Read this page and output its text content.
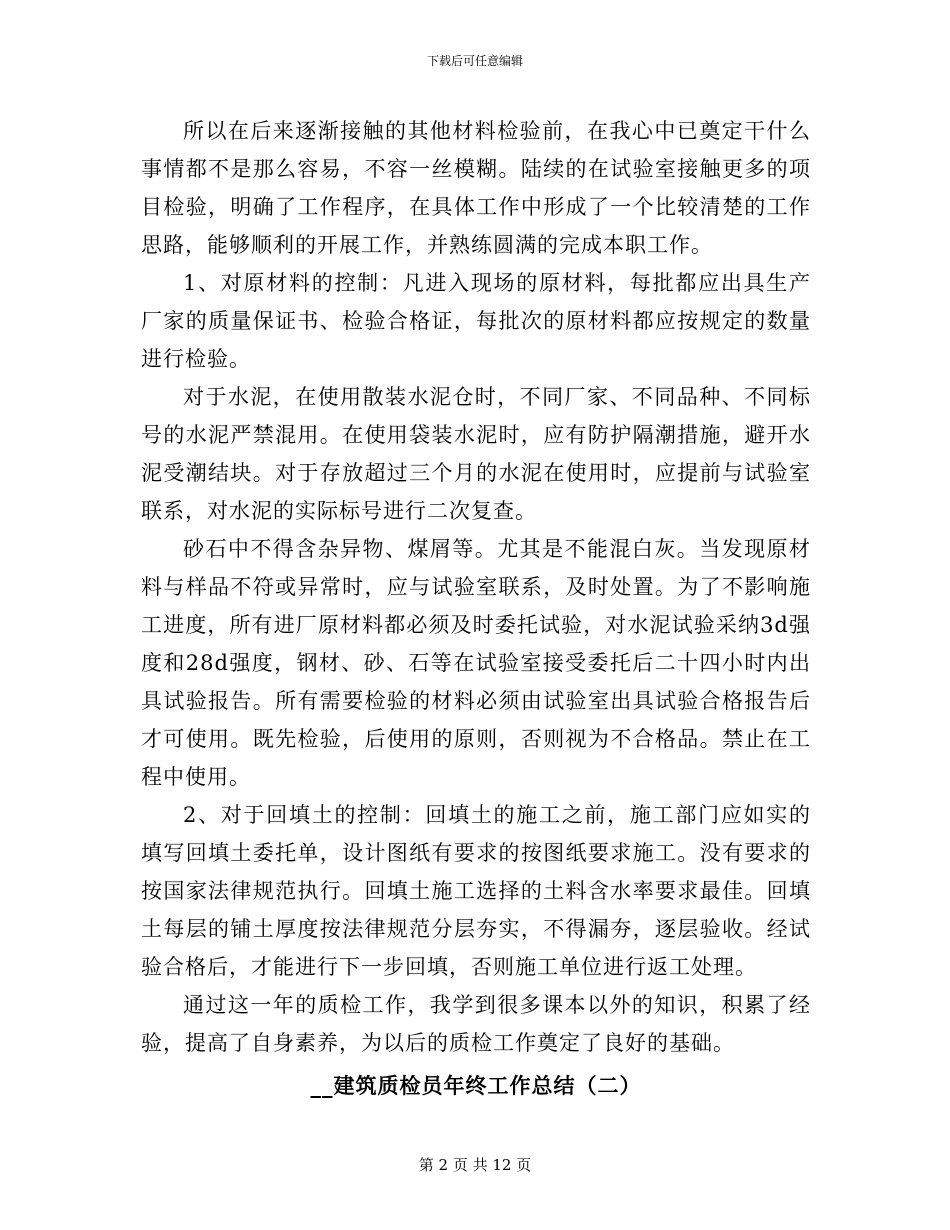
下载后可任意编辑

所以在后来逐渐接触的其他材料检验前，在我心中已奠定干什么事情都不是那么容易，不容一丝模糊。陆续的在试验室接触更多的项目检验，明确了工作程序，在具体工作中形成了一个比较清楚的工作思路，能够顺利的开展工作，并熟练圆满的完成本职工作。

1、对原材料的控制：凡进入现场的原材料，每批都应出具生产厂家的质量保证书、检验合格证，每批次的原材料都应按规定的数量进行检验。

对于水泥，在使用散装水泥仓时，不同厂家、不同品种、不同标号的水泥严禁混用。在使用袋装水泥时，应有防护隔潮措施，避开水泥受潮结块。对于存放超过三个月的水泥在使用时，应提前与试验室联系，对水泥的实际标号进行二次复查。

砂石中不得含杂异物、煤屑等。尤其是不能混白灰。当发现原材料与样品不符或异常时，应与试验室联系，及时处置。为了不影响施工进度，所有进厂原材料都必须及时委托试验，对水泥试验采纳3d强度和28d强度，钢材、砂、石等在试验室接受委托后二十四小时内出具试验报告。所有需要检验的材料必须由试验室出具试验合格报告后才可使用。既先检验，后使用的原则，否则视为不合格品。禁止在工程中使用。

2、对于回填土的控制：回填土的施工之前，施工部门应如实的填写回填土委托单，设计图纸有要求的按图纸要求施工。没有要求的按国家法律规范执行。回填土施工选择的土料含水率要求最佳。回填土每层的铺土厚度按法律规范分层夯实，不得漏夯，逐层验收。经试验合格后，才能进行下一步回填，否则施工单位进行返工处理。

通过这一年的质检工作，我学到很多课本以外的知识，积累了经验，提高了自身素养，为以后的质检工作奠定了良好的基础。

__建筑质检员年终工作总结（二）
第 2 页 共 12 页
